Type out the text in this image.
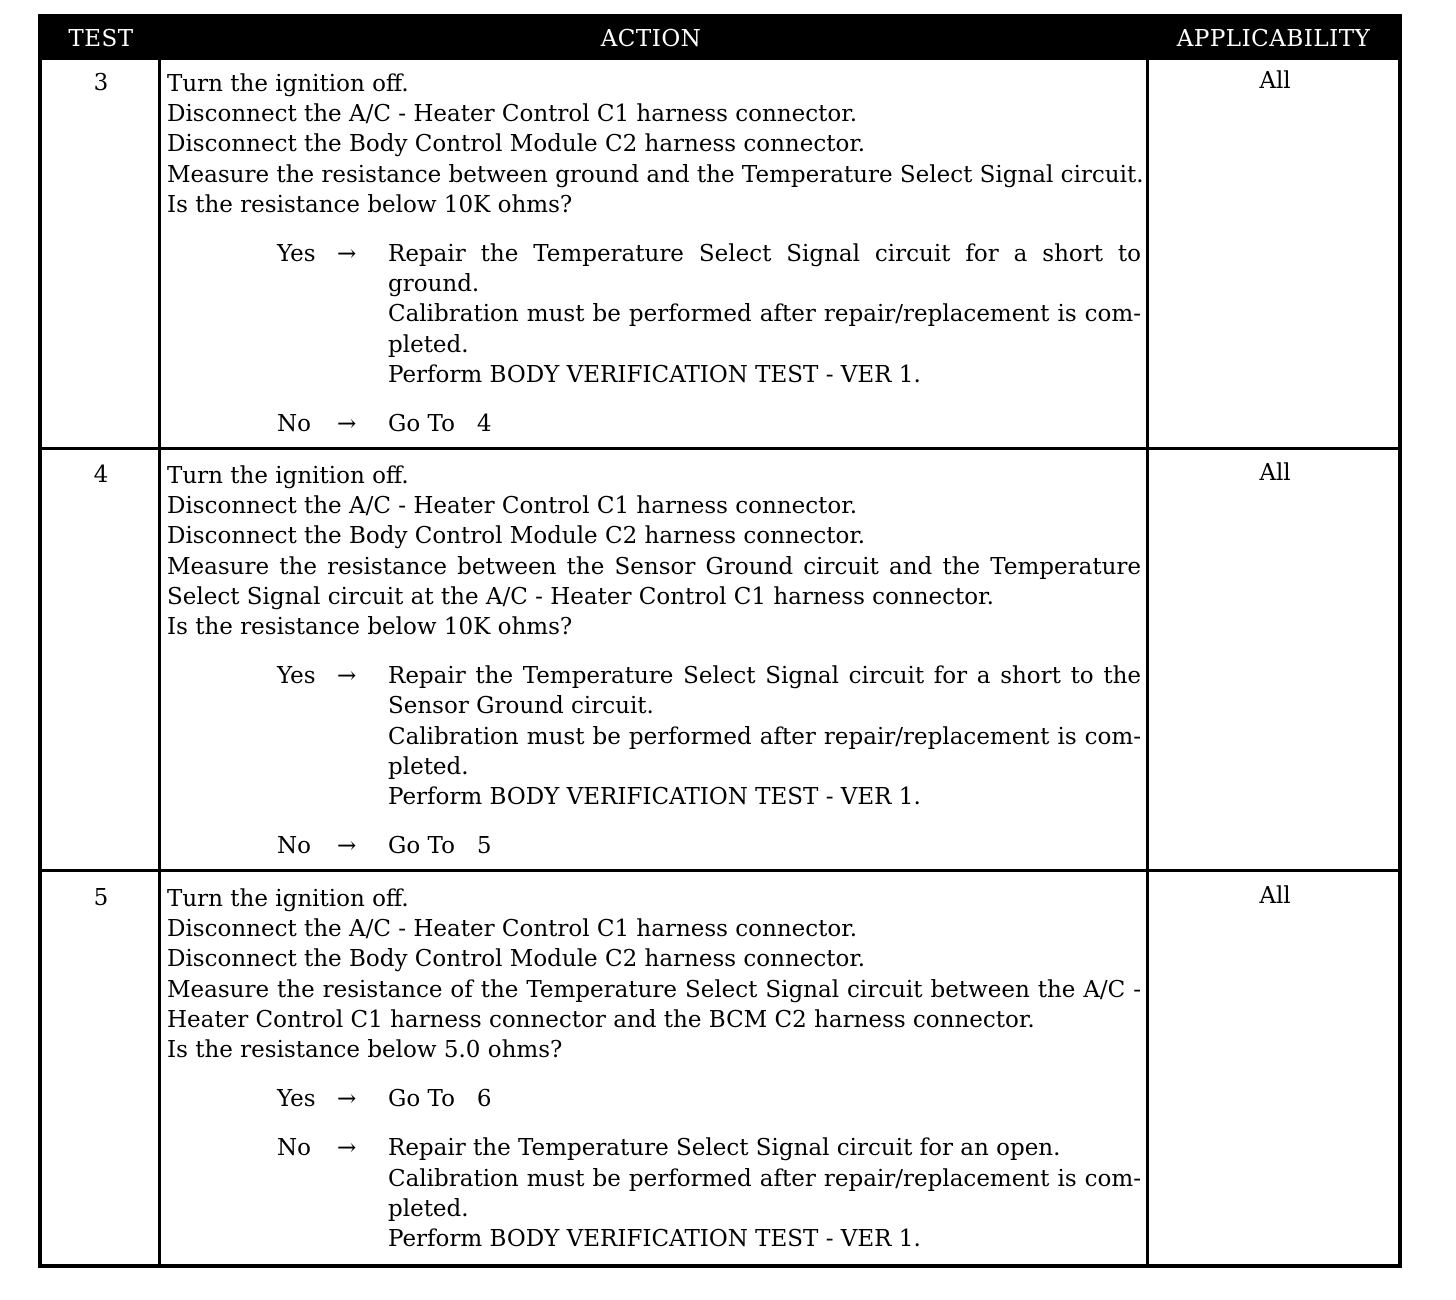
TEST	ACTION	APPLICABILITY
3	Turn the ignition off.
Disconnect the A/C - Heater Control C1 harness connector.
Disconnect the Body Control Module C2 harness connector.
Measure the resistance between ground and the Temperature Select Signal circuit.
Is the resistance below 10K ohms?
Yes → Repair the Temperature Select Signal circuit for a short to
ground.
Calibration must be performed after repair/replacement is com-
pleted.
Perform BODY VERIFICATION TEST - VER 1.
No → Go To   4
All
4	Turn the ignition off.
Disconnect the A/C - Heater Control C1 harness connector.
Disconnect the Body Control Module C2 harness connector.
Measure the resistance between the Sensor Ground circuit and the Temperature
Select Signal circuit at the A/C - Heater Control C1 harness connector.
Is the resistance below 10K ohms?
Yes → Repair the Temperature Select Signal circuit for a short to the
Sensor Ground circuit.
Calibration must be performed after repair/replacement is com-
pleted.
Perform BODY VERIFICATION TEST - VER 1.
No → Go To   5
All
5	Turn the ignition off.
Disconnect the A/C - Heater Control C1 harness connector.
Disconnect the Body Control Module C2 harness connector.
Measure the resistance of the Temperature Select Signal circuit between the A/C -
Heater Control C1 harness connector and the BCM C2 harness connector.
Is the resistance below 5.0 ohms?
Yes → Go To   6
No → Repair the Temperature Select Signal circuit for an open.
Calibration must be performed after repair/replacement is com-
pleted.
Perform BODY VERIFICATION TEST - VER 1.
All
